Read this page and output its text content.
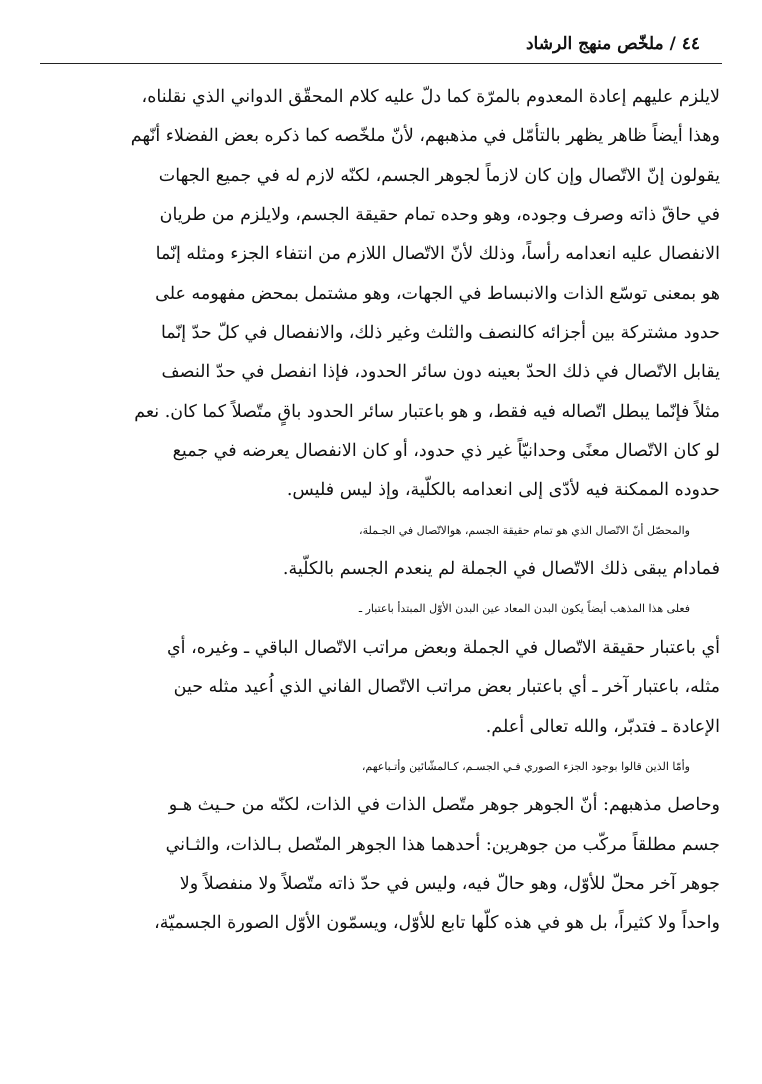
٤٤ / ملخّص منهج الرشاد
لايلزم عليهم إعادة المعدوم بالمرّة كما دلّ عليه كلام المحقّق الدواني الذي نقلناه،
وهذا أيضاً ظاهر يظهر بالتأمّل في مذهبهم، لأنّ ملخّصه كما ذكره بعض الفضلاء أنّهم
يقولون إنّ الاتّصال وإن كان لازماً لجوهر الجسم، لكنّه لازم له في جميع الجهات
في حاقّ ذاته وصرف وجوده، وهو وحده تمام حقيقة الجسم، ولايلزم من طريان
الانفصال عليه انعدامه رأساً، وذلك لأنّ الاتّصال اللازم من انتفاء الجزء ومثله إنّما
هو بمعنى توسّع الذات والانبساط في الجهات، وهو مشتمل بمحض مفهومه على
حدود مشتركة بين أجزائه كالنصف والثلث وغير ذلك، والانفصال في كلّ حدّ إنّما
يقابل الاتّصال في ذلك الحدّ بعينه دون سائر الحدود، فإذا انفصل في حدّ النصف
مثلاً فإنّما يبطل اتّصاله فيه فقط، و هو باعتبار سائر الحدود باقٍ متّصلاً كما كان. نعم
لو كان الاتّصال معنًى وحدانيّاً غير ذي حدود، أو كان الانفصال يعرضه في جميع
حدوده الممكنة فيه لأدّى إلى انعدامه بالكلّية، وإذ ليس فليس.
والمحصّل أنّ الاتّصال الذي هو تمام حقيقة الجسم، هوالاتّصال في الجـملة،
فمادام يبقى ذلك الاتّصال في الجملة لم ينعدم الجسم بالكلّية.
فعلى هذا المذهب أيضاً يكون البدن المعاد عين البدن الأوّل المبتدأ باعتبار ـ
أي باعتبار حقيقة الاتّصال في الجملة وبعض مراتب الاتّصال الباقي ـ وغيره، أي
مثله، باعتبار آخر ـ أي باعتبار بعض مراتب الاتّصال الفاني الذي اُعيد مثله حين
الإعادة ـ فتدبّر، والله تعالى أعلم.
وأمّا الذين قالوا بوجود الجزء الصوري فـي الجسـم، كـالمشّائين وأتـباعهم،
وحاصل مذهبهم: أنّ الجوهر جوهر متّصل الذات في الذات، لكنّه من حـيث هـو
جسم مطلقاً مركّب من جوهرين: أحدهما هذا الجوهر المتّصل بـالذات، والثـاني
جوهر آخر محلّ للأوّل، وهو حالّ فيه، وليس في حدّ ذاته متّصلاً ولا منفصلاً ولا
واحداً ولا كثيراً، بل هو في هذه كلّها تابع للأوّل، ويسمّون الأوّل الصورة الجسميّة،
